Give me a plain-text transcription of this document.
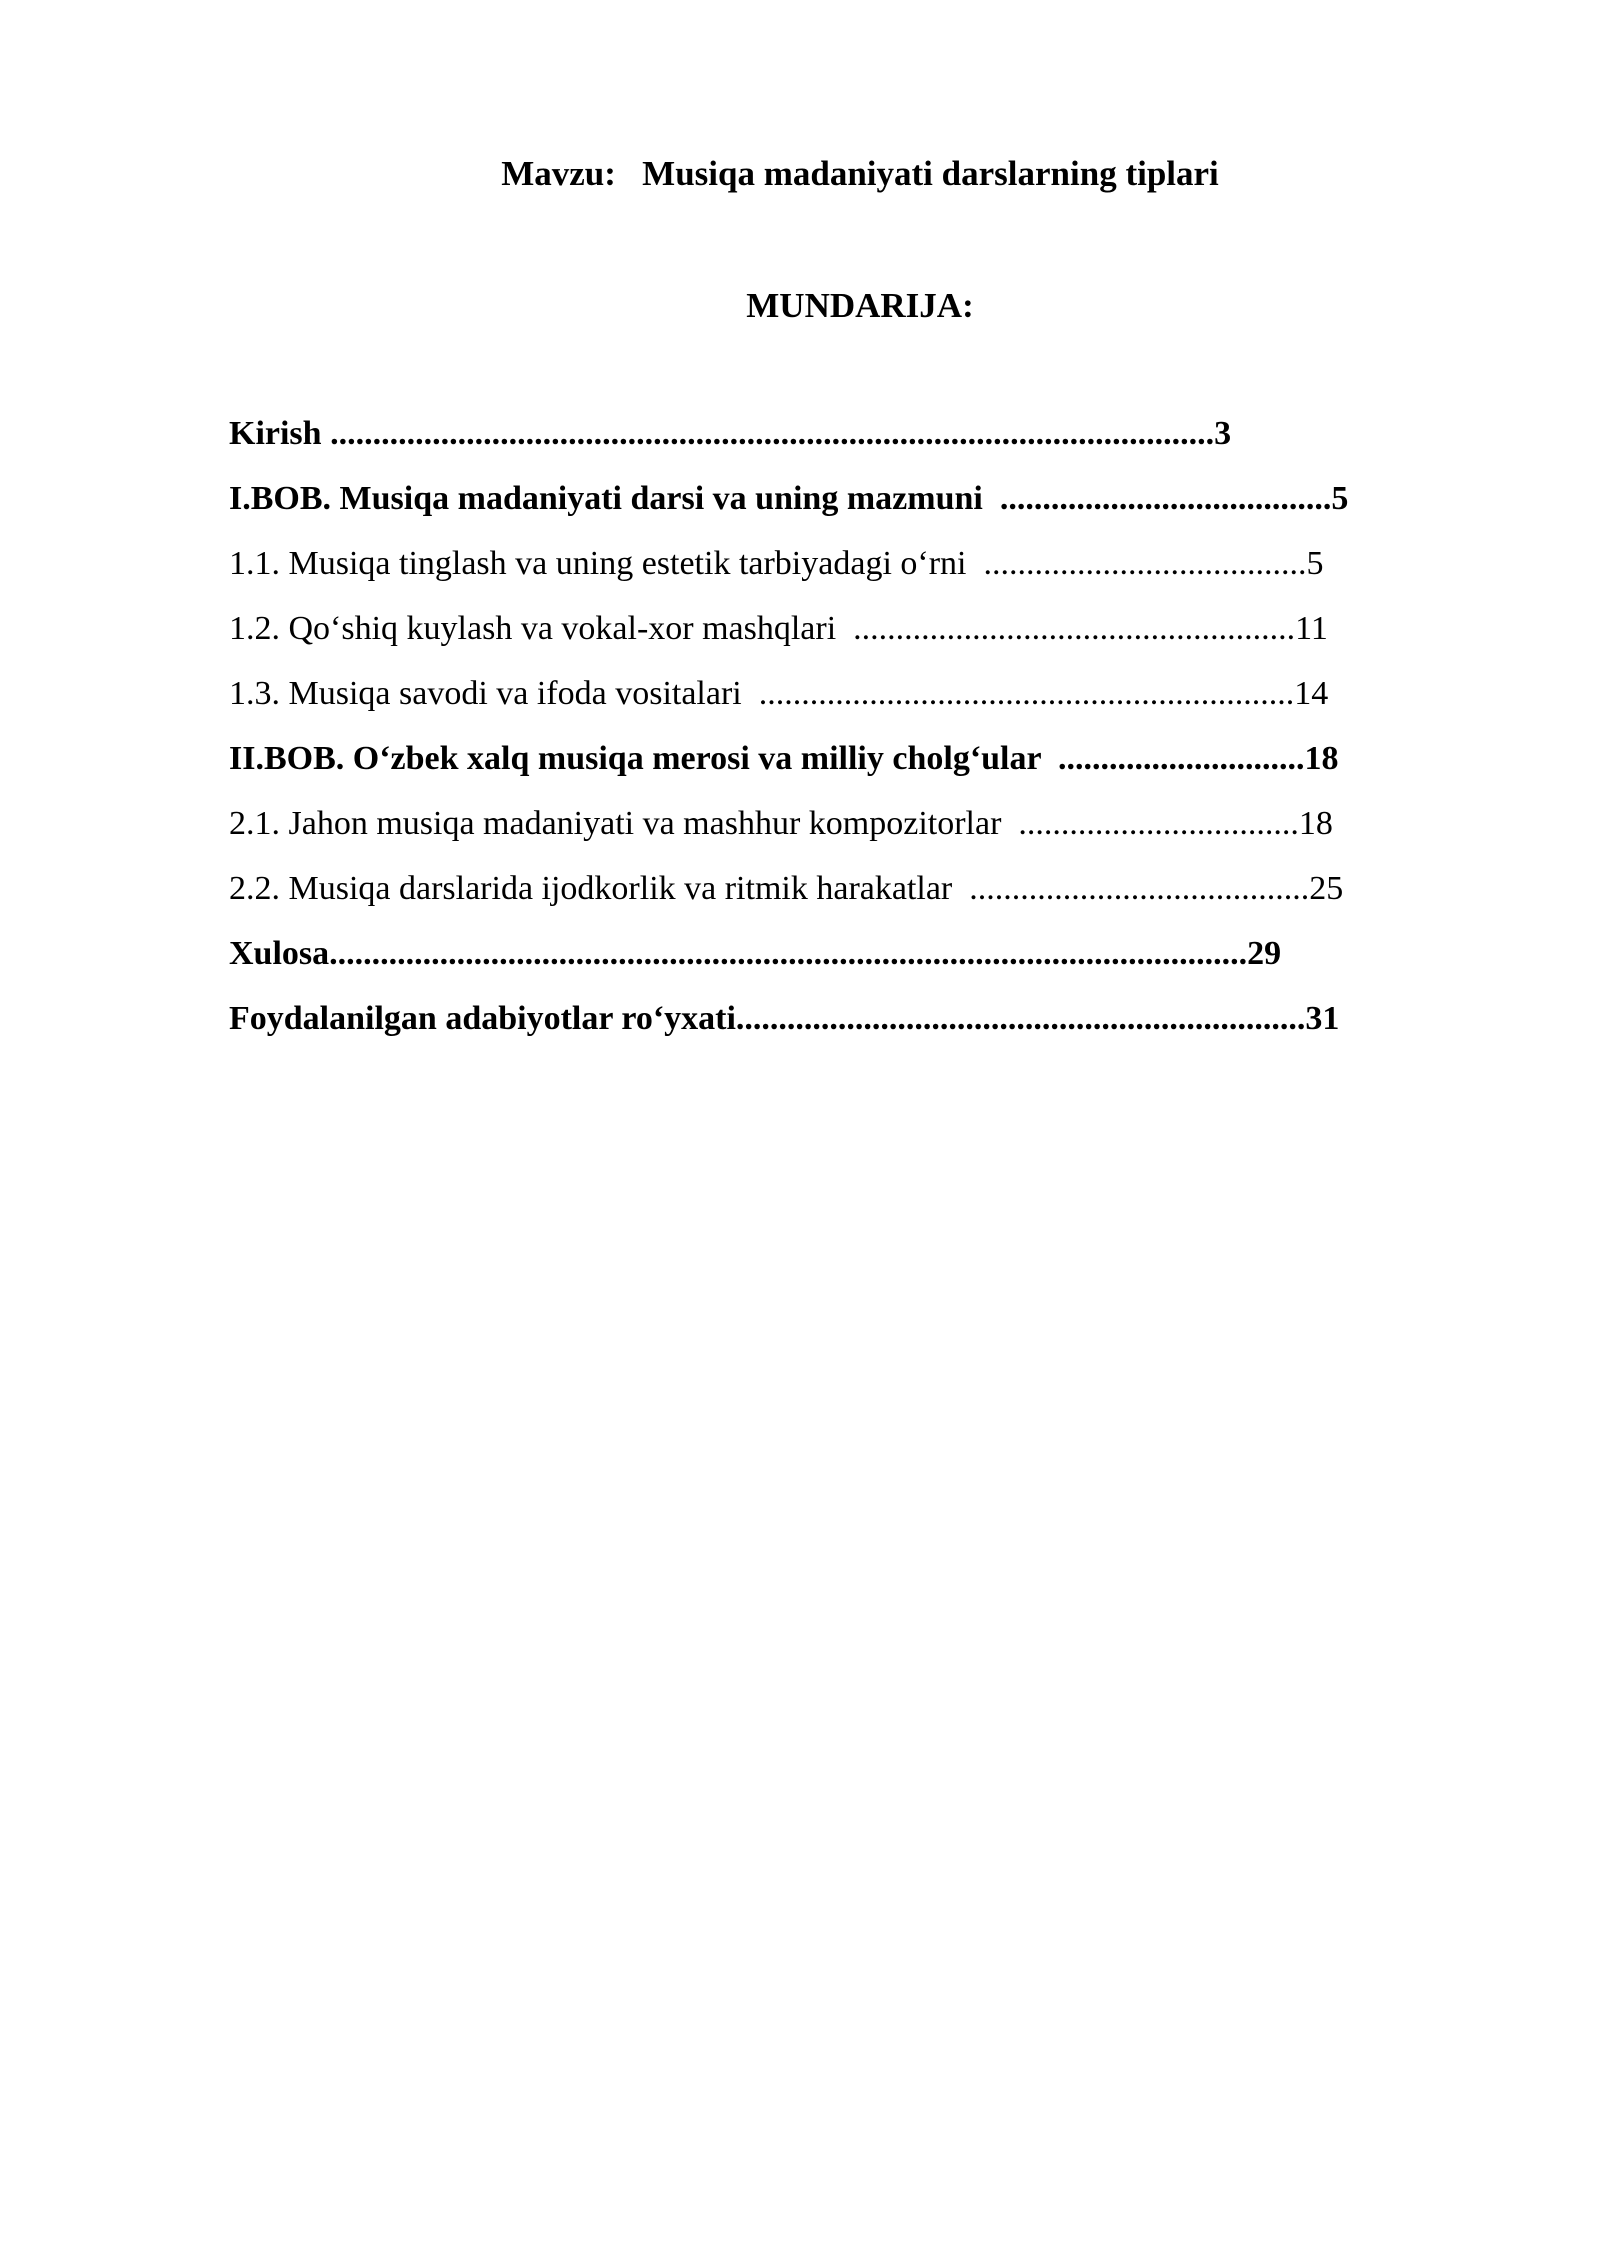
Mavzu:   Musiqa madaniyati darslarning tiplari
MUNDARIJA:
Kirish ........................................................................................................3
I.BOB. Musiqa madaniyati darsi va uning mazmuni  .......................................5
1.1. Musiqa tinglash va uning estetik tarbiyadagi o‘rni  ......................................5
1.2. Qo‘shiq kuylash va vokal-xor mashqlari  ....................................................11
1.3. Musiqa savodi va ifoda vositalari  ...............................................................14
II.BOB. O‘zbek xalq musiqa merosi va milliy cholg‘ular  .............................18
2.1. Jahon musiqa madaniyati va mashhur kompozitorlar  .................................18
2.2. Musiqa darslarida ijodkorlik va ritmik harakatlar  ........................................25
Xulosa............................................................................................................29
Foydalanilgan adabiyotlar ro‘yxati...................................................................31
